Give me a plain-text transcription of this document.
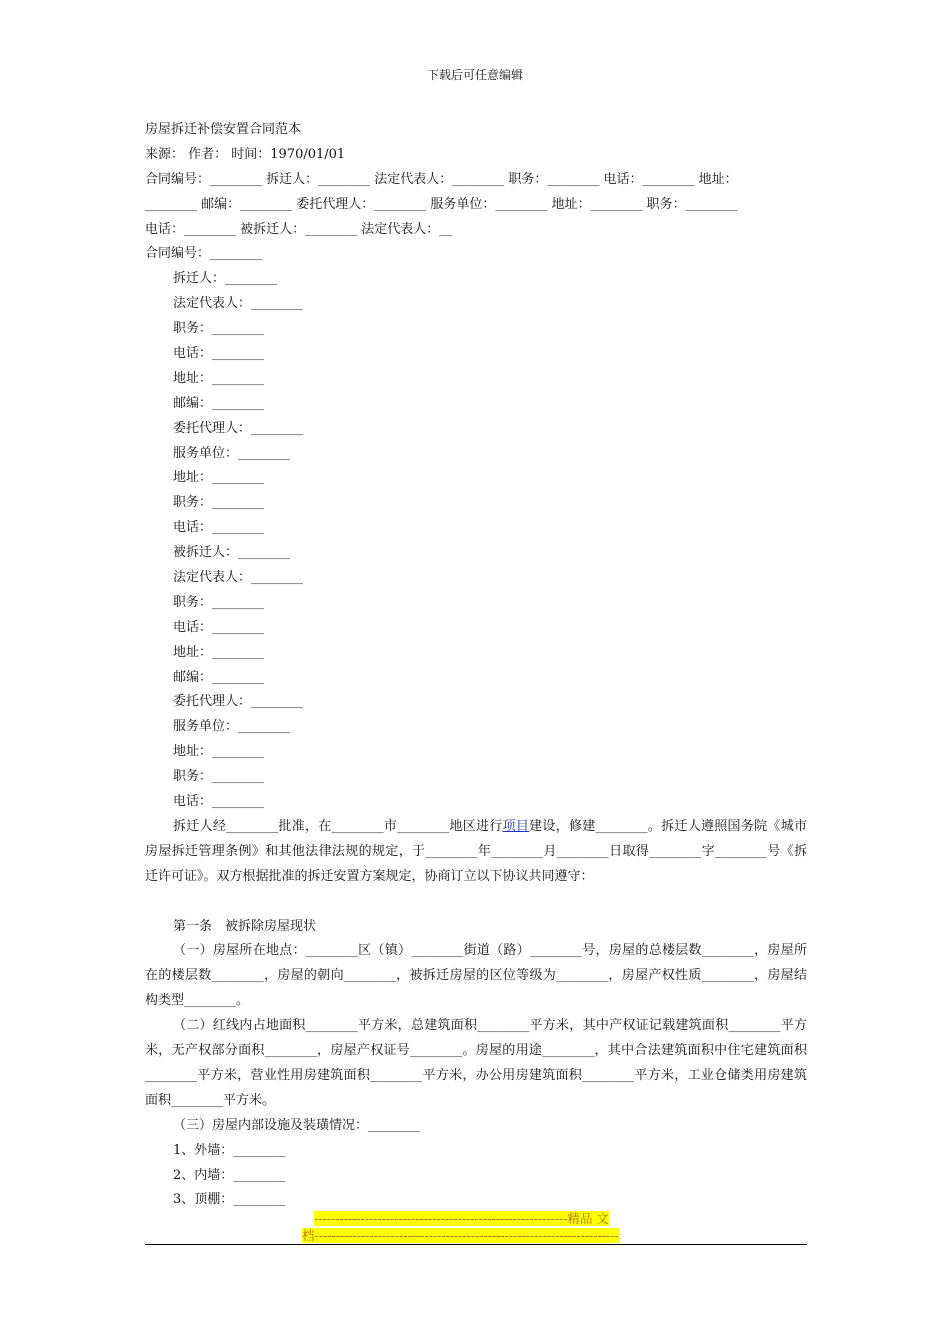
下载后可任意编辑
房屋拆迁补偿安置合同范本
来源： 作者： 时间：1970/01/01
合同编号：________ 拆迁人：________ 法定代表人：________ 职务：________ 电话：________ 地址：
________ 邮编：________ 委托代理人：________ 服务单位：________ 地址：________ 职务：________
电话：________ 被拆迁人：________ 法定代表人：__
合同编号：________
拆迁人：________
法定代表人：________
职务：________
电话：________
地址：________
邮编：________
委托代理人：________
服务单位：________
地址：________
职务：________
电话：________
被拆迁人：________
法定代表人：________
职务：________
电话：________
地址：________
邮编：________
委托代理人：________
服务单位：________
地址：________
职务：________
电话：________
拆迁人经________批准，在________市________地区进行项目建设，修建________。拆迁人遵照国务院《城市房屋拆迁管理条例》和其他法律法规的规定，于________年________月________日取得________字________号《拆迁许可证》。双方根据批准的拆迁安置方案规定，协商订立以下协议共同遵守：
第一条　被拆除房屋现状
（一）房屋所在地点：________区（镇）________街道（路）________号，房屋的总楼层数________，房屋所在的楼层数________，房屋的朝向________，被拆迁房屋的区位等级为________，房屋产权性质________，房屋结构类型________。
（二）红线内占地面积________平方米，总建筑面积________平方米，其中产权证记载建筑面积________平方米，无产权部分面积________，房屋产权证号________。房屋的用途________，其中合法建筑面积中住宅建筑面积________平方米，营业性用房建筑面积________平方米，办公用房建筑面积________平方米，工业仓储类用房建筑面积________平方米。
（三）房屋内部设施及装璜情况：________
1、外墙：________
2、内墙：________
3、顶棚：________
------------------------------------------------------------精品 文
档------------------------------------------------------------------------
